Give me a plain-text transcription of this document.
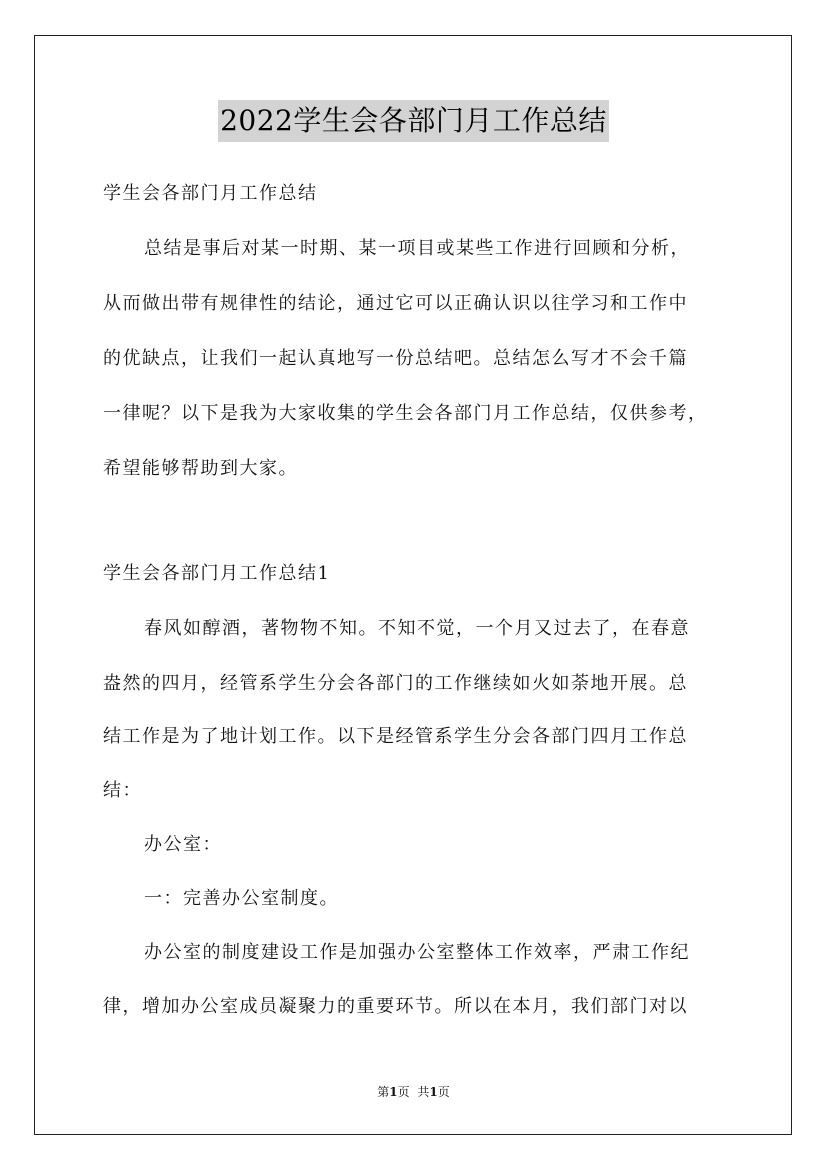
2022学生会各部门月工作总结
学生会各部门月工作总结
总结是事后对某一时期、某一项目或某些工作进行回顾和分析，
从而做出带有规律性的结论，通过它可以正确认识以往学习和工作中
的优缺点，让我们一起认真地写一份总结吧。总结怎么写才不会千篇
一律呢？以下是我为大家收集的学生会各部门月工作总结，仅供参考，
希望能够帮助到大家。
学生会各部门月工作总结1
春风如醇酒，著物物不知。不知不觉，一个月又过去了，在春意
盎然的四月，经管系学生分会各部门的工作继续如火如荼地开展。总
结工作是为了地计划工作。以下是经管系学生分会各部门四月工作总
结：
办公室：
一：完善办公室制度。
办公室的制度建设工作是加强办公室整体工作效率，严肃工作纪
律，增加办公室成员凝聚力的重要环节。所以在本月，我们部门对以
第1页 共1页
